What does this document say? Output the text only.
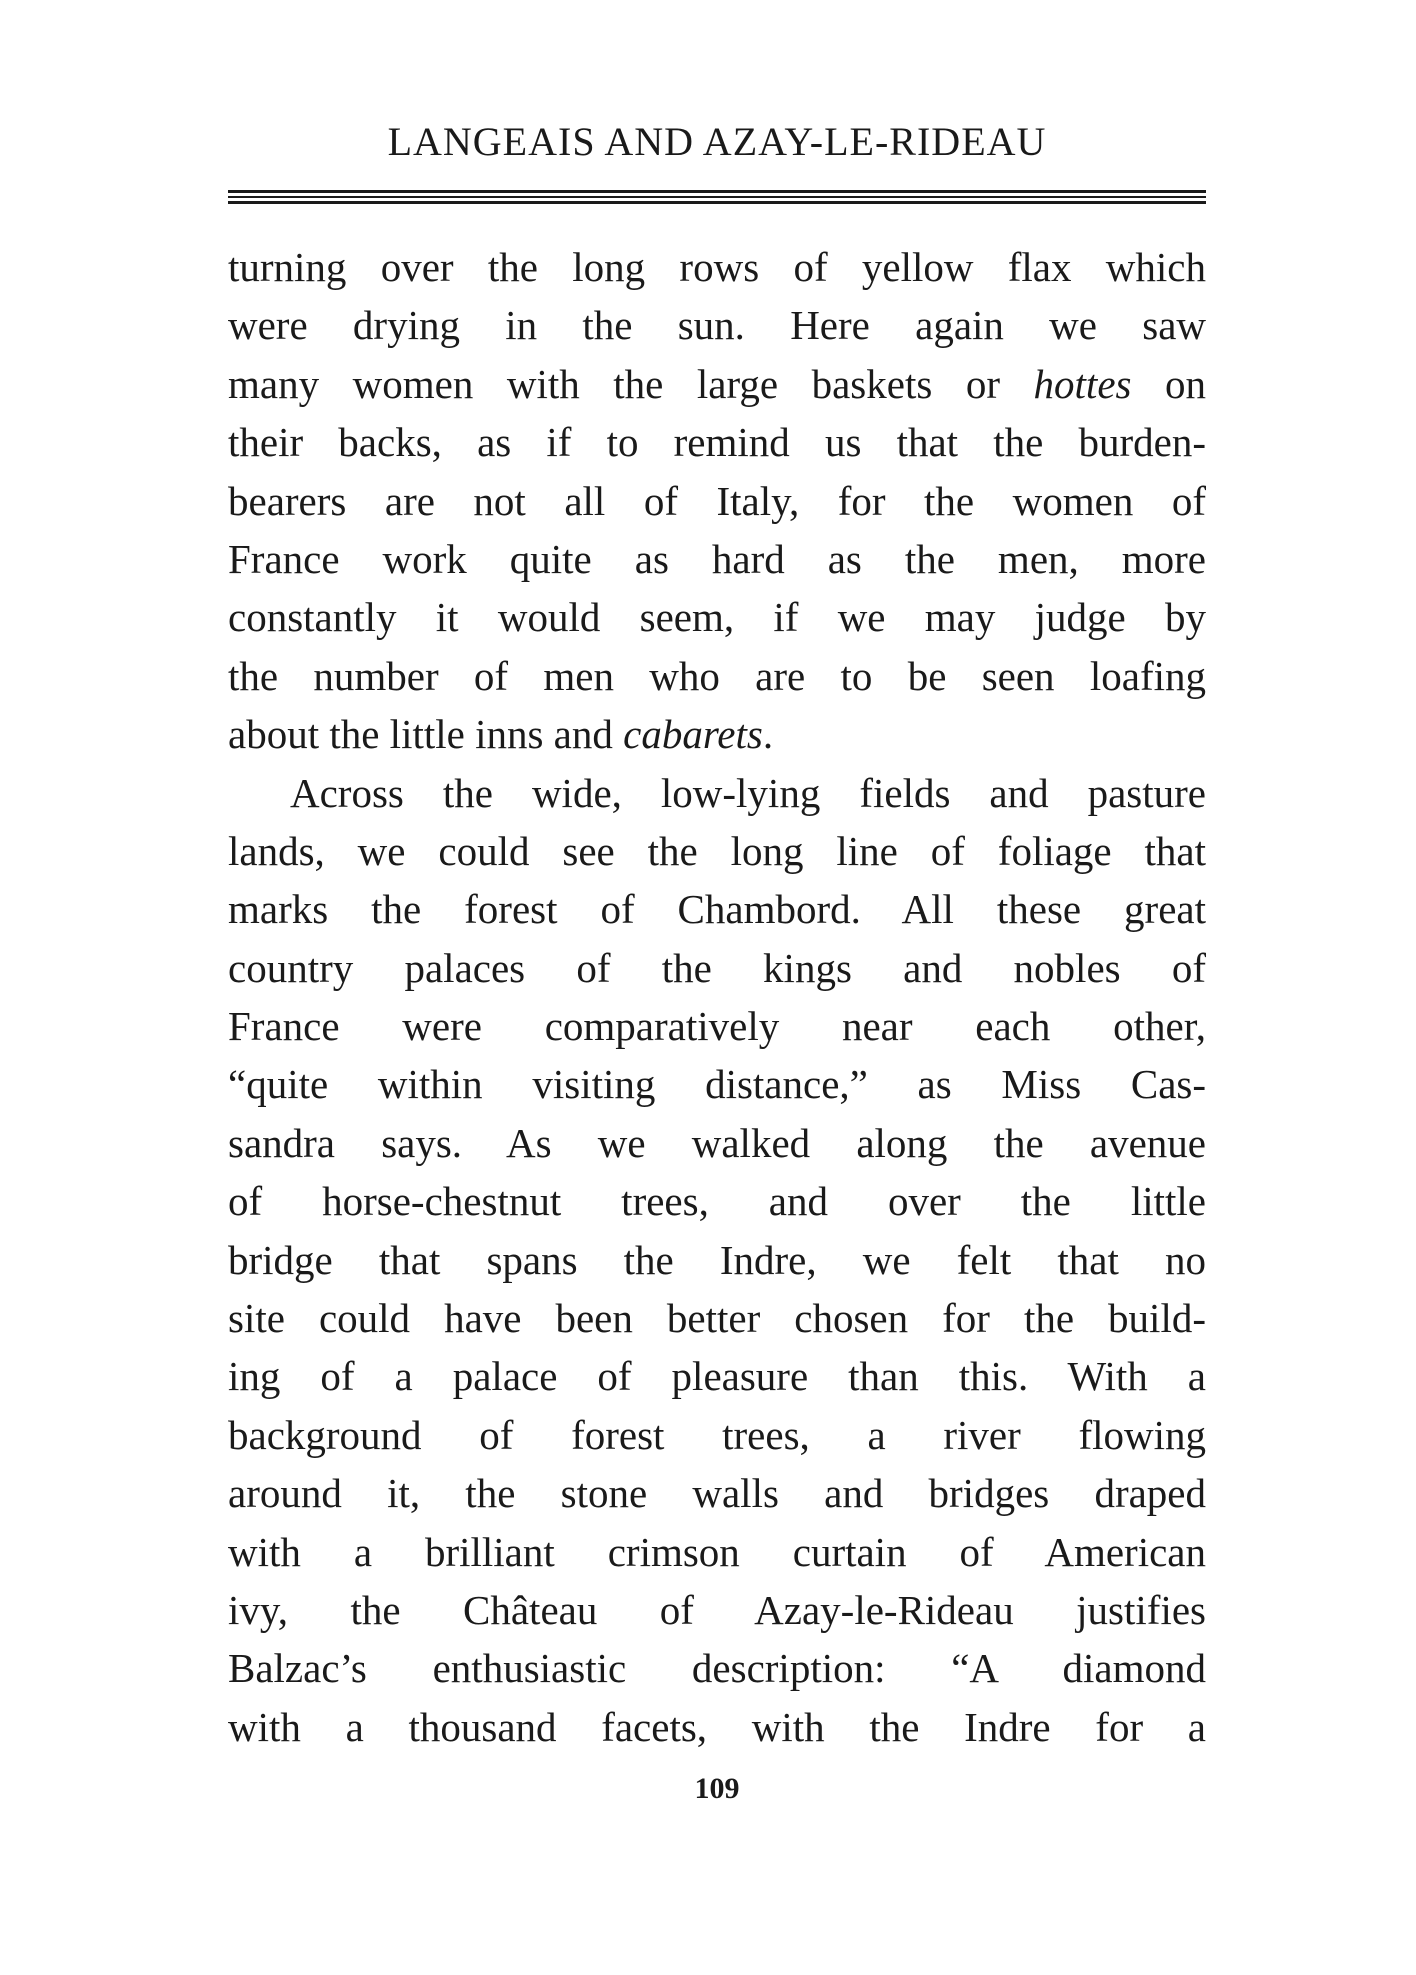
LANGEAIS AND AZAY-LE-RIDEAU
turning over the long rows of yellow flax which
were drying in the sun. Here again we saw
many women with the large baskets or hottes on
their backs, as if to remind us that the burden-
bearers are not all of Italy, for the women of
France work quite as hard as the men, more
constantly it would seem, if we may judge by
the number of men who are to be seen loafing
about the little inns and cabarets.
Across the wide, low-lying fields and pasture
lands, we could see the long line of foliage that
marks the forest of Chambord. All these great
country palaces of the kings and nobles of
France were comparatively near each other,
“quite within visiting distance,” as Miss Cas-
sandra says. As we walked along the avenue
of horse-chestnut trees, and over the little
bridge that spans the Indre, we felt that no
site could have been better chosen for the build-
ing of a palace of pleasure than this. With a
background of forest trees, a river flowing
around it, the stone walls and bridges draped
with a brilliant crimson curtain of American
ivy, the Château of Azay-le-Rideau justifies
Balzac’s enthusiastic description: “A diamond
with a thousand facets, with the Indre for a
109
